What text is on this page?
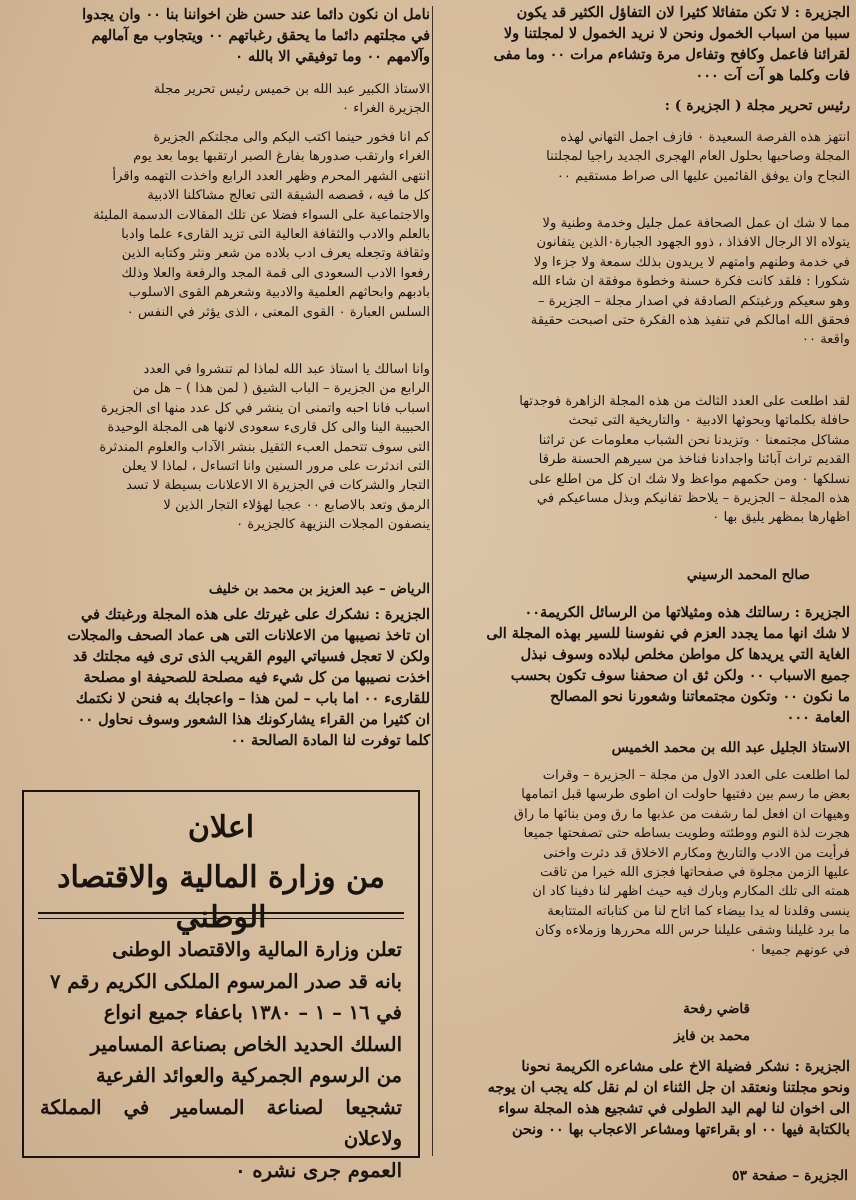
الجزيرة : لا تكن متفائلا كثيرا لان التفاؤل الكثير قد يكون

سببا من اسباب الخمول ونحن لا نريد الخمول لا لمجلتنا ولا

لقرائنا فاعمل وكافح وتفاءل مرة وتشاءم مرات ٠٠ وما مفى

فات وكلما هو آت آت ٠٠٠

رئيس تحرير مجلة ( الجزيرة ) :

انتهز هذه الفرصة السعيدة ٠ فازف اجمل التهاني لهذه

المجلة وصاحبها بحلول العام الهجرى الجديد راجيا لمجلتنا

النجاح وان يوفق القائمين عليها الى صراط مستقيم ٠٠

مما لا شك ان عمل الصحافة عمل جليل وخدمة وطنية ولا

يتولاه الا الرجال الافذاذ ، ذوو الجهود الجبارة٠الذين يتفانون

في خدمة وطنهم وامتهم لا يريدون بذلك سمعة ولا جزءا ولا

شكورا : فلقد كانت فكرة حسنة وخطوة موفقة ان شاء الله

وهو سعيكم ورغبتكم الصادقة في اصدار مجلة – الجزيرة –

فحقق الله امالكم في تنفيذ هذه الفكرة حتى اصبحت حقيقة

واقعة ٠٠

لقد اطلعت على العدد الثالث من هذه المجلة الزاهرة فوجدتها

حافلة بكلماتها وبحوثها الادبية ٠ والتاريخية التى تبحث

مشاكل مجتمعنا ٠ وتزيدنا نحن الشباب معلومات عن تراثنا

القديم تراث آبائنا واجدادنا فناخذ من سيرهم الحسنة طرقا

نسلكها ٠ ومن حكمهم مواعظ ولا شك ان كل من اطلع على

هذه المجلة – الجزيرة – يلاحظ تفانيكم وبذل مساعيكم في

اظهارها بمظهر يليق بها ٠

صالح المحمد الرسيني

الجزيرة : رسالتك هذه ومثيلاتها من الرسائل الكريمة٠٠

لا شك انها مما يجدد العزم في نفوسنا للسير بهذه المجلة الى

الغاية التي يريدها كل مواطن مخلص لبلاده وسوف نبذل

جميع الاسباب ٠٠ ولكن ثق ان صحفنا سوف تكون بحسب

ما نكون ٠٠ وتكون مجتمعاتنا وشعورنا نحو المصالح

العامة ٠٠٠

الاستاذ الجليل عبد الله بن محمد الخميس

لما اطلعت على العدد الاول من مجلة – الجزيرة – وقرات

بعض ما رسم بين دفتيها حاولت ان اطوى طرسها قبل اتمامها

وهيهات ان افعل لما رشفت من عذبها ما رق ومن بنائها ما راق

هجرت لذة النوم ووطئته وطويت بساطه حتى تصفحتها جميعا

فرأيت من الادب والتاريخ ومكارم الاخلاق قد دثرت واخنى

عليها الزمن مجلوة في صفحاتها فجزى الله خيرا من تاقت

همته الى تلك المكارم وبارك فيه حيث اظهر لنا دفينا كاد ان

ينسى وقلدنا له يدا بيضاء كما اتاح لنا من كتاباته المتتابعة

ما برد غليلنا وشفى عليلنا حرس الله محررها وزملاءه وكان

في عونهم جميعا ٠

قاضي رفحة

محمد بن فايز

الجزيرة : نشكر فضيلة الاخ على مشاعره الكريمة نحونا

ونحو مجلتنا ونعتقد ان جل الثناء ان لم نقل كله يجب ان يوجه

الى اخوان لنا لهم اليد الطولى في تشجيع هذه المجلة سواء

بالكتابة فيها ٠٠ او بقراءتها ومشاعر الاعجاب بها ٠٠ ونحن

نامل ان نكون دائما عند حسن ظن اخواننا بنا ٠٠ وان يجدوا

في مجلتهم دائما ما يحقق رغباتهم ٠٠ ويتجاوب مع آمالهم

وآلامهم ٠٠ وما توفيقي الا بالله ٠

الاستاذ الكبير عبد الله بن خميس رئيس تحرير مجلة

الجزيرة الغراء ٠

كم انا فخور حينما اكتب اليكم والى مجلتكم الجزيرة

الغراء وارتقب صدورها بفارغ الصبر ارتقبها يوما بعد يوم

انتهى الشهر المحرم وظهر العدد الرابع واخذت التهمه واقرأ

كل ما فيه ، قصصه الشيقة التى تعالج مشاكلنا الادبية

والاجتماعية على السواء فضلا عن تلك المقالات الدسمة المليئة

بالعلم والادب والثقافة العالية التى تزيد القارىء علما وادبا

وثقافة وتجعله يعرف ادب بلاده من شعر ونثر وكتابه الذين

رفعوا الادب السعودى الى قمة المجد والرفعة والعلا وذلك

بادبهم وابحاثهم العلمية والادبية وشعرهم القوى الاسلوب

السلس العبارة ٠ القوى المعنى ، الذى يؤثر في النفس ٠

وانا اسالك يا استاذ عبد الله لماذا لم تنشروا في العدد

الرابع من الجزيرة – الباب الشيق ( لمن هذا ) – هل من

اسباب فانا احبه واتمنى ان ينشر في كل عدد منها اى الجزيرة

الحبيبة الينا والى كل قارىء سعودى لانها هى المجلة الوحيدة

التى سوف تتحمل العبء الثقيل بنشر الآداب والعلوم المندثرة

التى اندثرت على مرور السنين وانا اتساءل ، لماذا لا يعلن

التجار والشركات في الجزيرة الا الاعلانات بسيطة لا تسد

الرمق وتعد بالاصابع ٠٠ عجبا لهؤلاء التجار الذين لا

ينصفون المجلات النزيهة كالجزيرة ٠

الرياض – عبد العزيز بن محمد بن خليف

الجزيرة : نشكرك على غيرتك على هذه المجلة ورغبتك في

ان تاخذ نصيبها من الاعلانات التى هى عماد الصحف والمجلات

ولكن لا تعجل فسياتي اليوم القريب الذى ترى فيه مجلتك قد

اخذت نصيبها من كل شيء فيه مصلحة للصحيفة او مصلحة

للقارىء ٠٠ اما باب – لمن هذا – واعجابك به فنحن لا نكتمك

ان كثيرا من القراء يشاركونك هذا الشعور وسوف نحاول ٠٠

كلما توفرت لنا المادة الصالحة ٠٠

اعلان
من وزارة المالية والاقتصاد
تعلن وزارة المالية والاقتصاد الوطنى
بانه قد صدر المرسوم الملكى الكريم رقم ٧
في ١٦ – ١ – ١٣٨٠ باعفاء جميع انواع
السلك الحديد الخاص بصناعة المسامير
من الرسوم الجمركية والعوائد الفرعية
تشجيعا لصناعة المسامير في المملكة ولاعلان
العموم جرى نشره ٠	الجزيرة – صفحة ٥٣
